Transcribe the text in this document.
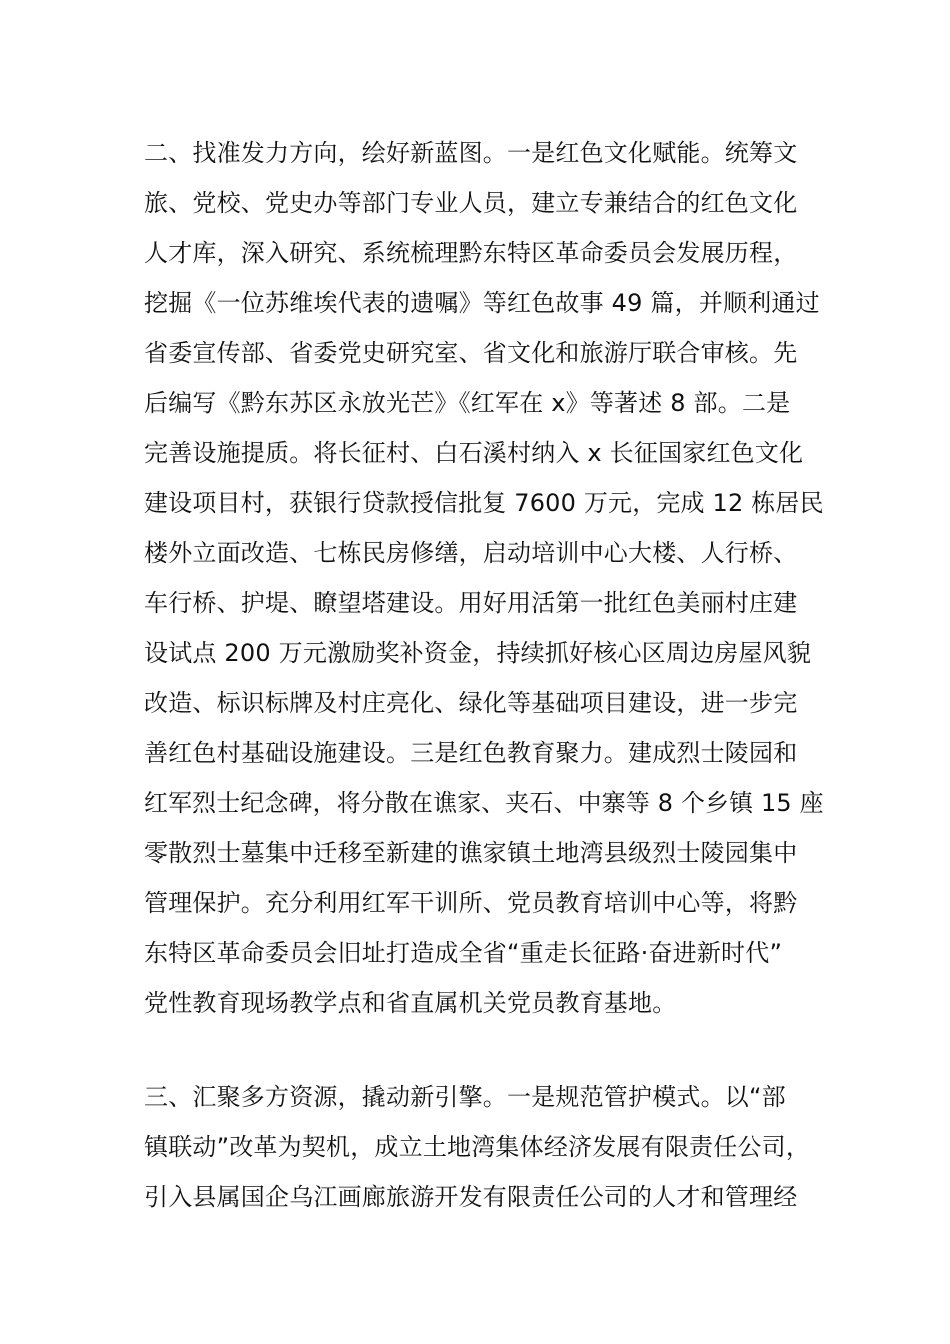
二、找准发力方向，绘好新蓝图。一是红色文化赋能。统筹文
旅、党校、党史办等部门专业人员，建立专兼结合的红色文化
人才库，深入研究、系统梳理黔东特区革命委员会发展历程，
挖掘《一位苏维埃代表的遗嘱》等红色故事 49 篇，并顺利通过
省委宣传部、省委党史研究室、省文化和旅游厅联合审核。先
后编写《黔东苏区永放光芒》《红军在 x》等著述 8 部。二是
完善设施提质。将长征村、白石溪村纳入 x 长征国家红色文化
建设项目村，获银行贷款授信批复 7600 万元，完成 12 栋居民
楼外立面改造、七栋民房修缮，启动培训中心大楼、人行桥、
车行桥、护堤、瞭望塔建设。用好用活第一批红色美丽村庄建
设试点 200 万元激励奖补资金，持续抓好核心区周边房屋风貌
改造、标识标牌及村庄亮化、绿化等基础项目建设，进一步完
善红色村基础设施建设。三是红色教育聚力。建成烈士陵园和
红军烈士纪念碑，将分散在谯家、夹石、中寨等 8 个乡镇 15 座
零散烈士墓集中迁移至新建的谯家镇土地湾县级烈士陵园集中
管理保护。充分利用红军干训所、党员教育培训中心等，将黔
东特区革命委员会旧址打造成全省“重走长征路·奋进新时代”
党性教育现场教学点和省直属机关党员教育基地。
三、汇聚多方资源，撬动新引擎。一是规范管护模式。以“部
镇联动”改革为契机，成立土地湾集体经济发展有限责任公司，
引入县属国企乌江画廊旅游开发有限责任公司的人才和管理经
